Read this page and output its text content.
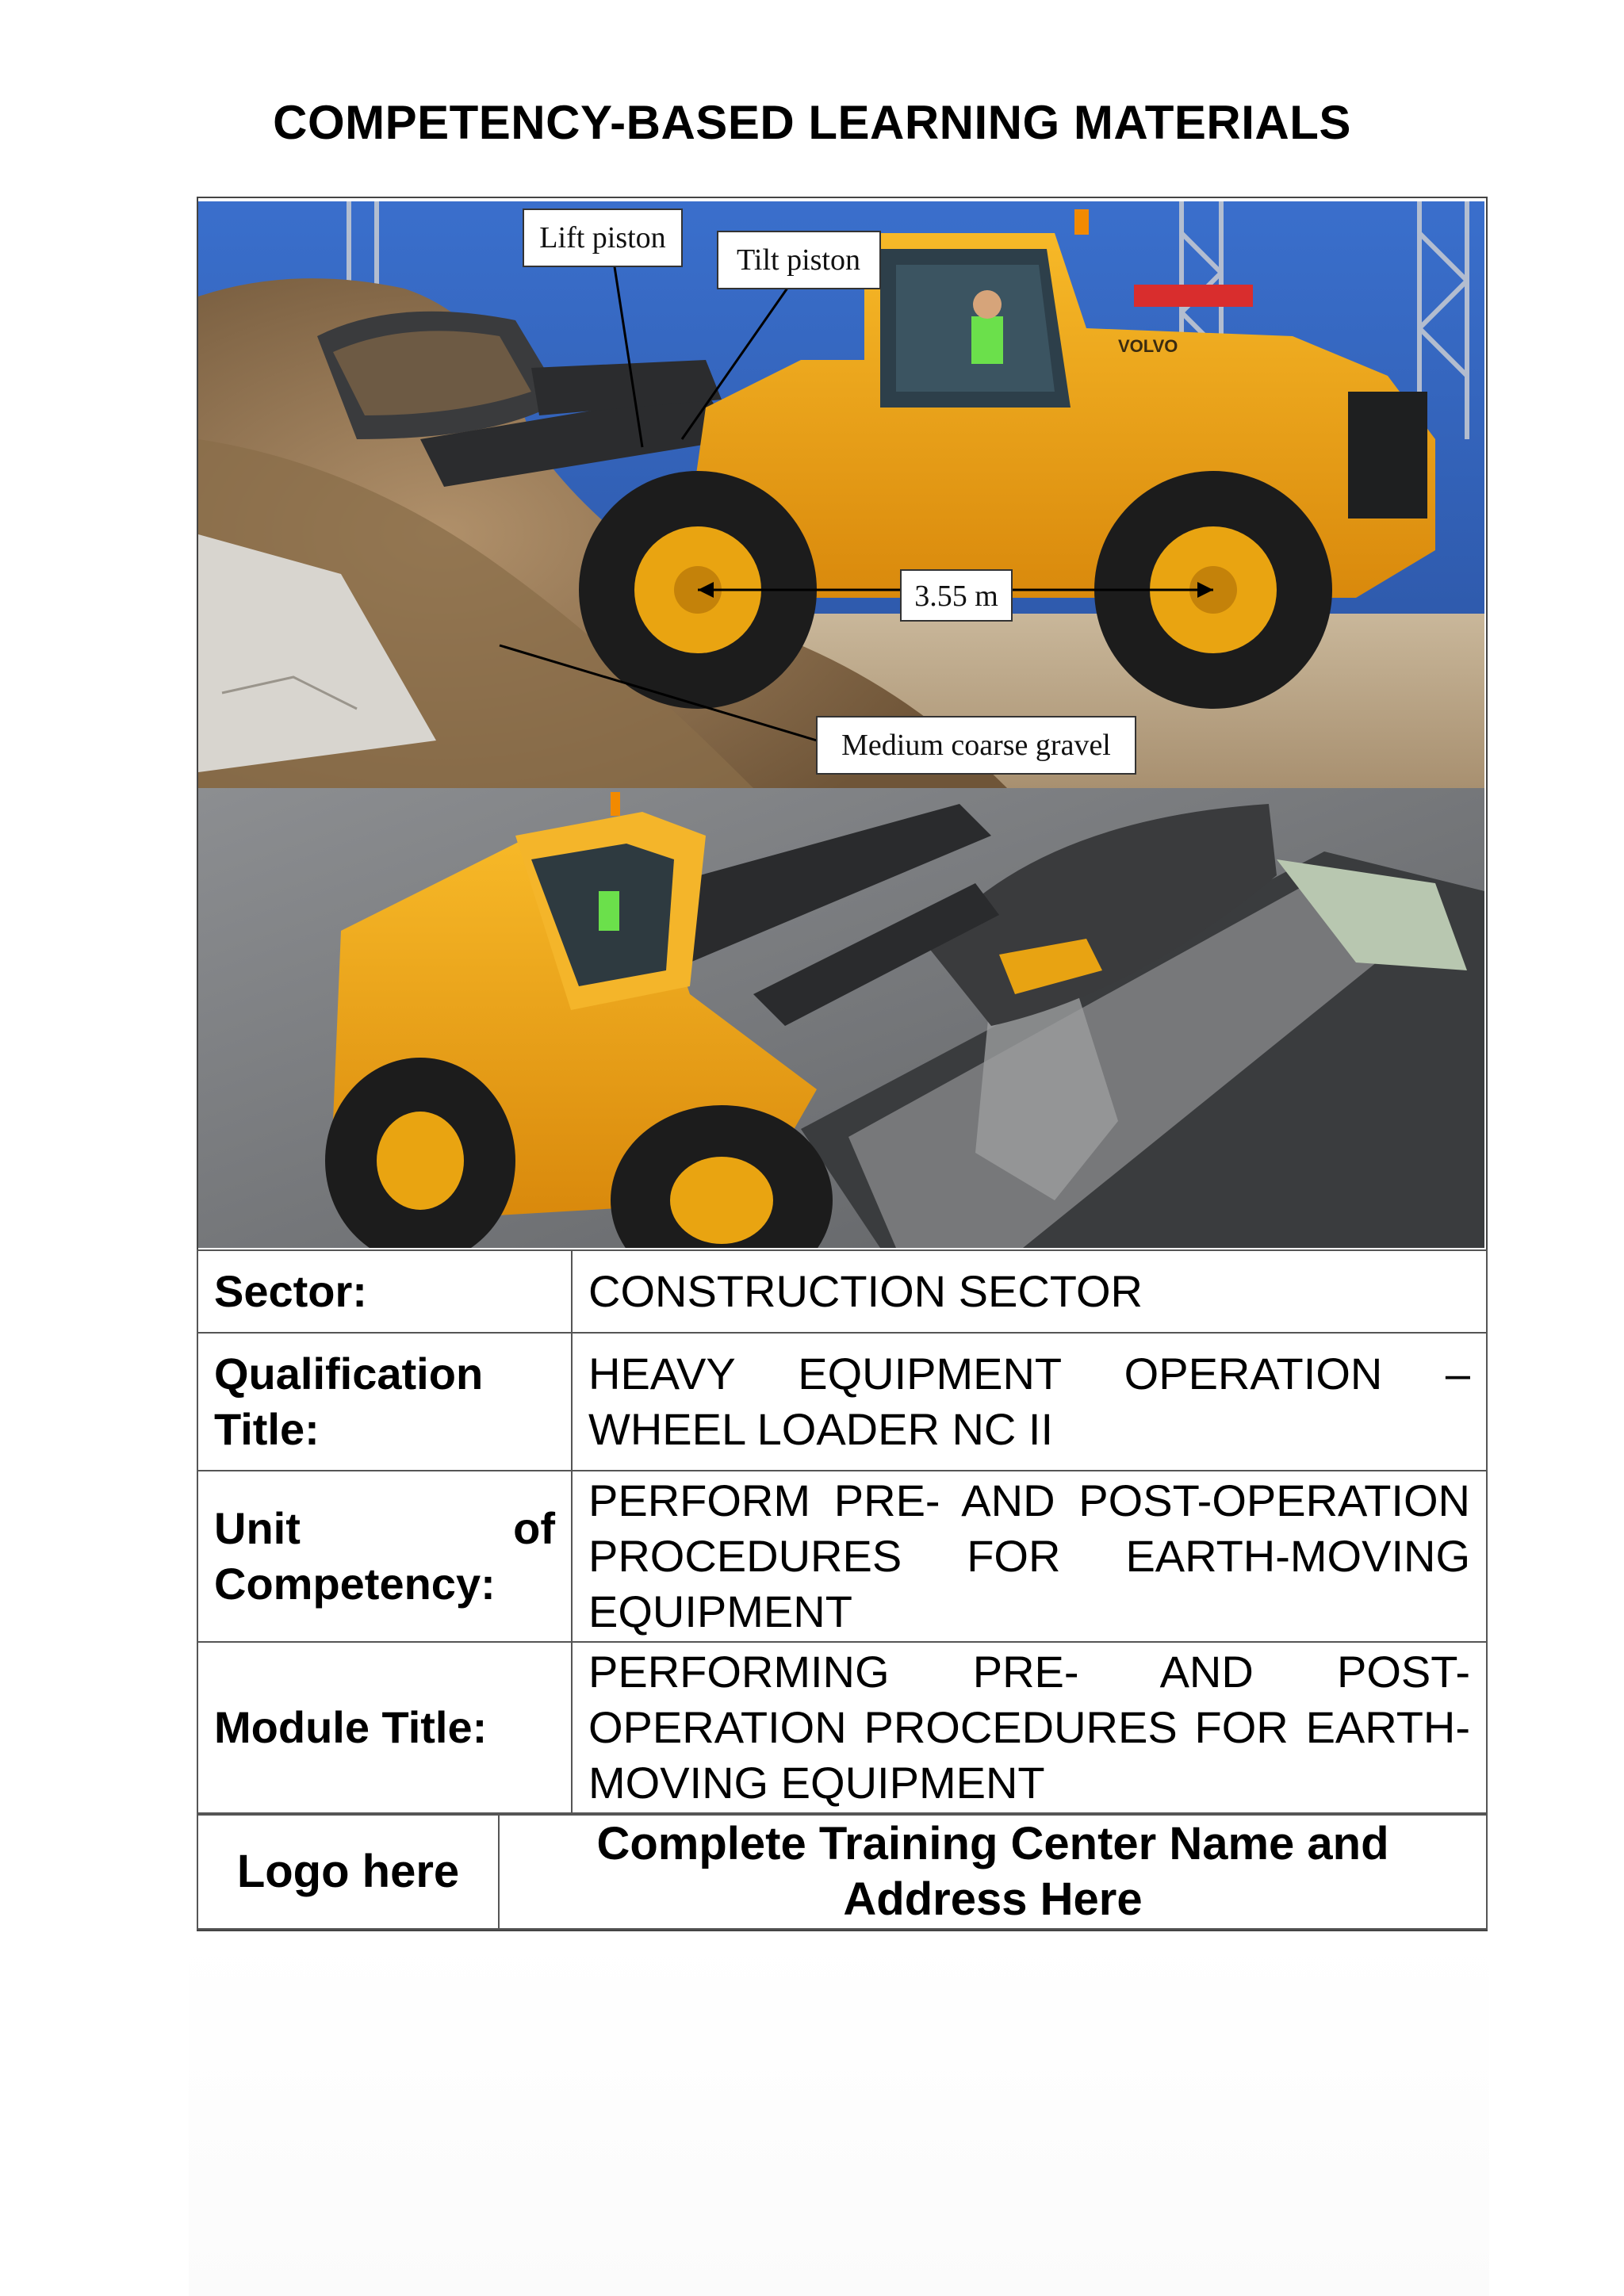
COMPETENCY-BASED LEARNING MATERIALS
VOLVO
Lift piston
Tilt piston
3.55 m
Medium coarse gravel
Sector:	CONSTRUCTION SECTOR
Qualification Title:	HEAVY EQUIPMENT OPERATION – WHEEL LOADER NC II
Unit of Competency:	PERFORM PRE- AND POST-OPERATION PROCEDURES FOR EARTH-MOVING EQUIPMENT
Module Title:	PERFORMING PRE- AND POST-OPERATION PROCEDURES FOR EARTH-MOVING EQUIPMENT
Logo here	Complete Training Center Name and Address Here
